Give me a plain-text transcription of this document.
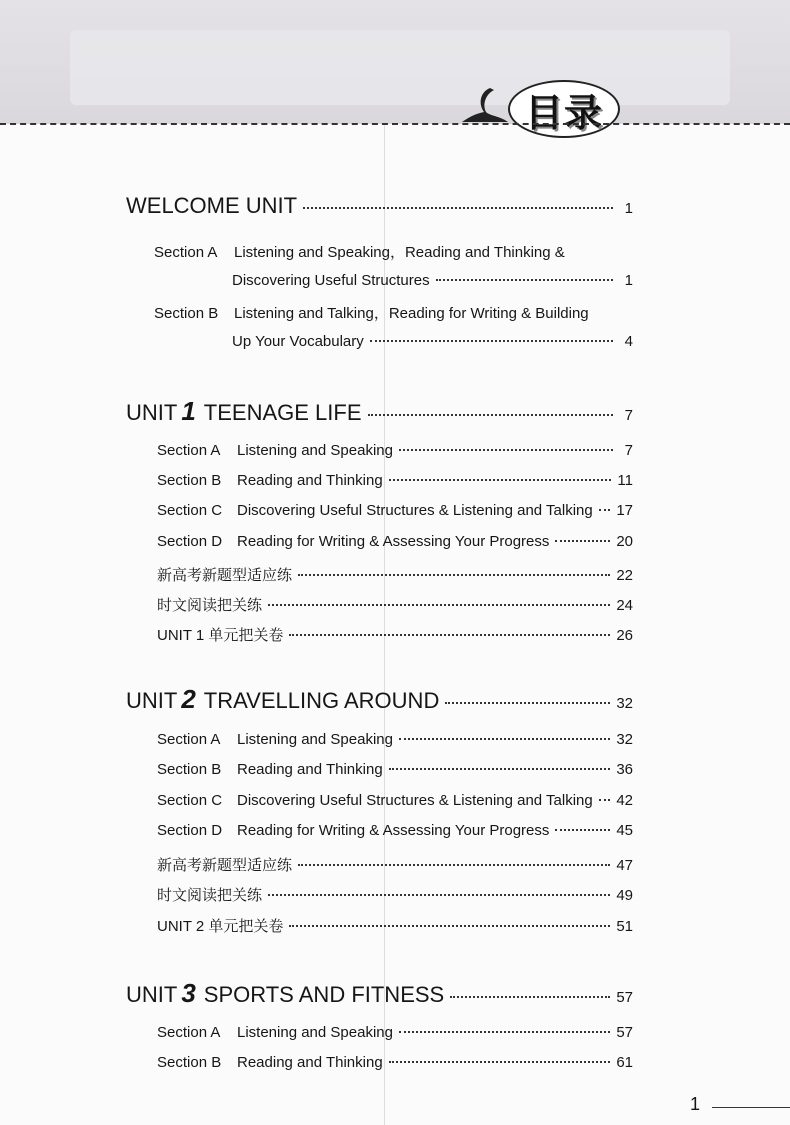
目录
WELCOME UNIT	1
Section A Listening and Speaking，Reading and Thinking &
Discovering Useful Structures	1
Section B Listening and Talking，Reading for Writing & Building
Up Your Vocabulary	4
UNIT 1 TEENAGE LIFE	7
Section A	Listening and Speaking	7
Section B	Reading and Thinking	11
Section C Discovering Useful Structures & Listening and Talking 17
Section D Reading for Writing & Assessing Your Progress	20
新高考新题型适应练	22
时文阅读把关练	24
UNIT 1 单元把关卷	26
UNIT 2 TRAVELLING AROUND	32
Section A	Listening and Speaking	32
Section B	Reading and Thinking	36
Section C Discovering Useful Structures & Listening and Talking 42
Section D Reading for Writing & Assessing Your Progress	45
新高考新题型适应练	47
时文阅读把关练	49
UNIT 2 单元把关卷	51
UNIT 3 SPORTS AND FITNESS	57
Section A	Listening and Speaking	57
Section B	Reading and Thinking	61
1
